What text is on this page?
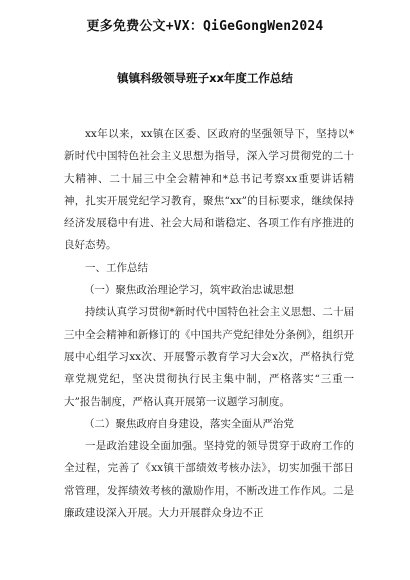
更多免费公文+VX：QiGeGongWen2024
镇镇科级领导班子xx年度工作总结

xx年以来，xx镇在区委、区政府的坚强领导下，坚持以*新时代中国特色社会主义思想为指导，深入学习贯彻党的二十大精神、二十届三中全会精神和*总书记考察xx重要讲话精神，扎实开展党纪学习教育，聚焦“xx”的目标要求，继续保持经济发展稳中有进、社会大局和谐稳定、各项工作有序推进的良好态势。

一、工作总结

（一）聚焦政治理论学习，筑牢政治忠诚思想

持续认真学习贯彻*新时代中国特色社会主义思想、二十届三中全会精神和新修订的《中国共产党纪律处分条例》，组织开展中心组学习xx次、开展警示教育学习大会x次，严格执行党章党规党纪，坚决贯彻执行民主集中制，严格落实“三重一大”报告制度，严格认真开展第一议题学习制度。

（二）聚焦政府自身建设，落实全面从严治党

一是政治建设全面加强。坚持党的领导贯穿于政府工作的全过程，完善了《xx镇干部绩效考核办法》，切实加强干部日常管理，发挥绩效考核的激励作用，不断改进工作作风。二是廉政建设深入开展。大力开展群众身边不正
